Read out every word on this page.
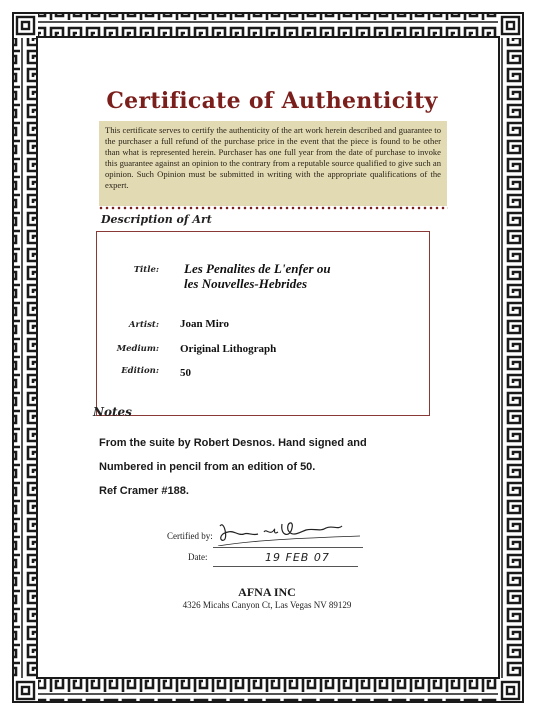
Certificate of Authenticity
This certificate serves to certify the authenticity of the art work herein described and guarantee to the purchaser a full refund of the purchase price in the event that the piece is found to be other than what is represented herein. Purchaser has one full year from the date of purchase to invoke this guarantee against an opinion to the contrary from a reputable source qualified to give such an opinion. Such Opinion must be submitted in writing with the appropriate qualifications of the expert.
Description of Art
Title: Les Penalites de L'enfer ou les Nouvelles-Hebrides
Artist: Joan Miro
Medium: Original Lithograph
Edition: 50
Notes
From the suite by Robert Desnos. Hand signed and
Numbered in pencil from an edition of 50.
Ref Cramer #188.
Certified by:
Date:	19 FEB 07
AFNA INC
4326 Micahs Canyon Ct, Las Vegas NV 89129
